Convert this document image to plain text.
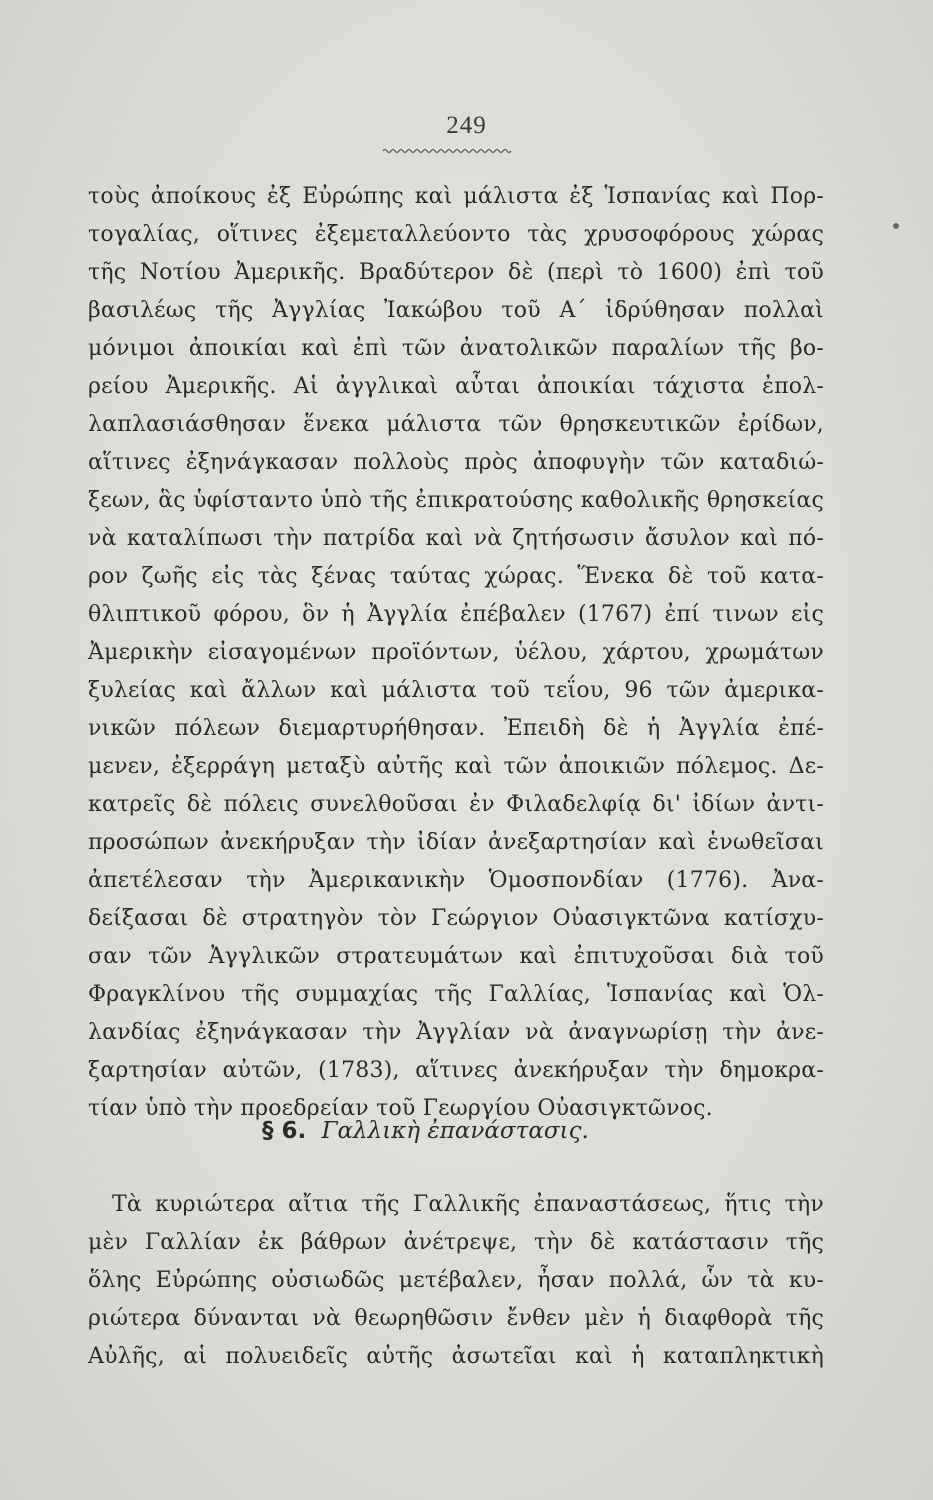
249
τοὺς ἀποίκους ἐξ Εὐρώπης καὶ μάλιστα ἐξ Ἱσπανίας καὶ Πορ-
τογαλίας, οἵτινες ἐξεμεταλλεύοντο τὰς χρυσοφόρους χώρας
τῆς Νοτίου Ἀμερικῆς. Βραδύτερον δὲ (περὶ τὸ 1600) ἐπὶ τοῦ
βασιλέως τῆς Ἀγγλίας Ἰακώβου τοῦ Α΄ ἱδρύθησαν πολλαὶ
μόνιμοι ἀποικίαι καὶ ἐπὶ τῶν ἀνατολικῶν παραλίων τῆς βο-
ρείου Ἀμερικῆς. Αἱ ἀγγλικαὶ αὗται ἀποικίαι τάχιστα ἐπολ-
λαπλασιάσθησαν ἕνεκα μάλιστα τῶν θρησκευτικῶν ἐρίδων,
αἵτινες ἐξηνάγκασαν πολλοὺς πρὸς ἀποφυγὴν τῶν καταδιώ-
ξεων, ἃς ὑφίσταντο ὑπὸ τῆς ἐπικρατούσης καθολικῆς θρησκείας
νὰ καταλίπωσι τὴν πατρίδα καὶ νὰ ζητήσωσιν ἄσυλον καὶ πό-
ρον ζωῆς εἰς τὰς ξένας ταύτας χώρας. Ἕνεκα δὲ τοῦ κατα-
θλιπτικοῦ φόρου, ὃν ἡ Ἀγγλία ἐπέβαλεν (1767) ἐπί τινων εἰς
Ἀμερικὴν εἰσαγομένων προϊόντων, ὑέλου, χάρτου, χρωμάτων
ξυλείας καὶ ἄλλων καὶ μάλιστα τοῦ τεΐου, 96 τῶν ἀμερικα-
νικῶν πόλεων διεμαρτυρήθησαν. Ἐπειδὴ δὲ ἡ Ἀγγλία ἐπέ-
μενεν, ἐξερράγη μεταξὺ αὐτῆς καὶ τῶν ἀποικιῶν πόλεμος. Δε-
κατρεῖς δὲ πόλεις συνελθοῦσαι ἐν Φιλαδελφίᾳ δι' ἰδίων ἀντι-
προσώπων ἀνεκήρυξαν τὴν ἰδίαν ἀνεξαρτησίαν καὶ ἑνωθεῖσαι
ἀπετέλεσαν τὴν Ἀμερικανικὴν Ὁμοσπονδίαν (1776). Ἀνα-
δείξασαι δὲ στρατηγὸν τὸν Γεώργιον Οὐασιγκτῶνα κατίσχυ-
σαν τῶν Ἀγγλικῶν στρατευμάτων καὶ ἐπιτυχοῦσαι διὰ τοῦ
Φραγκλίνου τῆς συμμαχίας τῆς Γαλλίας, Ἱσπανίας καὶ Ὁλ-
λανδίας ἐξηνάγκασαν τὴν Ἀγγλίαν νὰ ἀναγνωρίσῃ τὴν ἀνε-
ξαρτησίαν αὐτῶν, (1783), αἵτινες ἀνεκήρυξαν τὴν δημοκρα-
τίαν ὑπὸ τὴν προεδρείαν τοῦ Γεωργίου Οὐασιγκτῶνος.
§ 6. Γαλλικὴ ἐπανάστασις.
Τὰ κυριώτερα αἴτια τῆς Γαλλικῆς ἐπαναστάσεως, ἥτις τὴν
μὲν Γαλλίαν ἐκ βάθρων ἀνέτρεψε, τὴν δὲ κατάστασιν τῆς
ὅλης Εὐρώπης οὐσιωδῶς μετέβαλεν, ἦσαν πολλά, ὧν τὰ κυ-
ριώτερα δύνανται νὰ θεωρηθῶσιν ἔνθεν μὲν ἡ διαφθορὰ τῆς
Αὐλῆς, αἱ πολυειδεῖς αὐτῆς ἀσωτεῖαι καὶ ἡ καταπληκτικὴ
